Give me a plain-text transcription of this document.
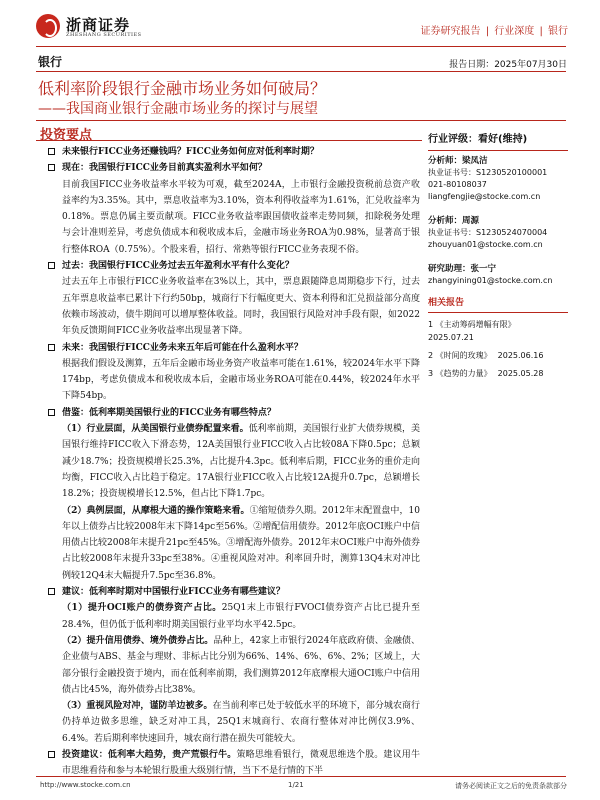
浙商证券
ZHESHANG SECURITIES	证券研究报告 | 行业深度 | 银行
银行	报告日期：2025年07月30日
低利率阶段银行金融市场业务如何破局？
——我国商业银行金融市场业务的探讨与展望
投资要点

未来银行FICC业务还赚钱吗？FICC业务如何应对低利率时期？

现在：我国银行FICC业务目前真实盈利水平如何？

目前我国FICC业务收益率水平较为可观，截至2024A，上市银行金融投资税前总资产收益率约为3.35%。其中，票息收益率为3.10%，资本利得收益率为1.61%，汇兑收益率为0.18%。票息仍属主要贡献项。FICC业务收益率跟国债收益率走势同频，扣除税务处理与会计准则差异，考虑负债成本和税收成本后，金融市场业务ROA为0.98%，显著高于银行整体ROA（0.75%）。个股来看，招行、常熟等银行FICC业务表现不俗。

过去：我国银行FICC业务过去五年盈利水平有什么变化？

过去五年上市银行FICC业务收益率在3%以上，其中，票息跟随降息周期稳步下行，过去五年票息收益率已累计下行约50bp，城商行下行幅度更大、资本利得和汇兑损益部分高度依赖市场波动，债牛期间可以增厚整体收益。同时，我国银行风险对冲手段有限，如2022年负反馈期间FICC业务收益率出现显著下降。

未来：我国银行FICC业务未来五年后可能在什么盈利水平？

根据我们假设及测算，五年后金融市场业务资产收益率可能在1.61%，较2024年水平下降174bp，考虑负债成本和税收成本后，金融市场业务ROA可能在0.44%，较2024年水平下降54bp。

借鉴：低利率期美国银行业的FICC业务有哪些特点？

（1）行业层面，从美国银行业债券配置来看。低利率前期，美国银行业扩大债券规模，美国银行维持FICC收入下滑态势，12A美国银行业FICC收入占比较08A下降0.5pc；总颖减少18.7%；投资规模增长25.3%，占比提升4.3pc。低利率后期，FICC业务的重价走向均衡，FICC收入占比趋于稳定。17A银行业FICC收入占比较12A提升0.7pc，总颖增长18.2%；投资规模增长12.5%，但占比下降1.7pc。

（2）典例层面，从摩根大通的操作策略来看。①缩短债券久期。2012年末配置盘中，10年以上债券占比较2008年末下降14pc至56%。②增配信用债券。2012年底OCI账户中信用债占比较2008年末提升21pc至45%。③增配海外债券。2012年末OCI账户中海外债券占比较2008年末提升33pc至38%。④重视风险对冲。利率回升时，测算13Q4末对冲比例较12Q4末大幅提升7.5pc至36.8%。

建议：低利率时期对中国银行业FICC业务有哪些建议？

（1）提升OCI账户的债券资产占比。25Q1末上市银行FVOCI债券资产占比已提升至28.4%，但仍低于低利率时期美国银行业平均水平42.5pc。

（2）提升信用债券、境外债券占比。品种上，42家上市银行2024年底政府债、金融债、企业债与ABS、基金与理财、非标占比分别为66%、14%、6%、6%、2%；区域上，大部分银行金融投资于境内，而在低利率前期，我们测算2012年底摩根大通OCI账户中信用债占比45%，海外债券占比38%。

（3）重视风险对冲，谨防羊边被多。在当前利率已处于较低水平的环境下，部分城农商行仍持单边做多思维，缺乏对冲工具，25Q1末城商行、农商行整体对冲比例仅3.9%、6.4%。若后期利率快速回升，城农商行潜在损失可能较大。

投资建议：低利率大趋势，贵产荒银行牛。策略思维看银行，微观思维选个股。建议用牛市思维看待和参与本轮银行股重大级别行情，当下不是行情的下半

行业评级：看好(维持)
分析师：梁凤洁
执业证书号：S1230520100001
021-80108037
liangfengjie@stocke.com.cn
分析师：周源
执业证书号：S1230524070004
zhouyuan01@stocke.com.cn
研究助理：张一宁
zhangyining01@stocke.com.cn
相关报告
1 《主动筹码增幅有限》
2025.07.21
2 《时间的玫瑰》 2025.06.16
3 《趋势的力量》 2025.05.28
http://www.stocke.com.cn	1/21	请务必阅读正文之后的免责条款部分
